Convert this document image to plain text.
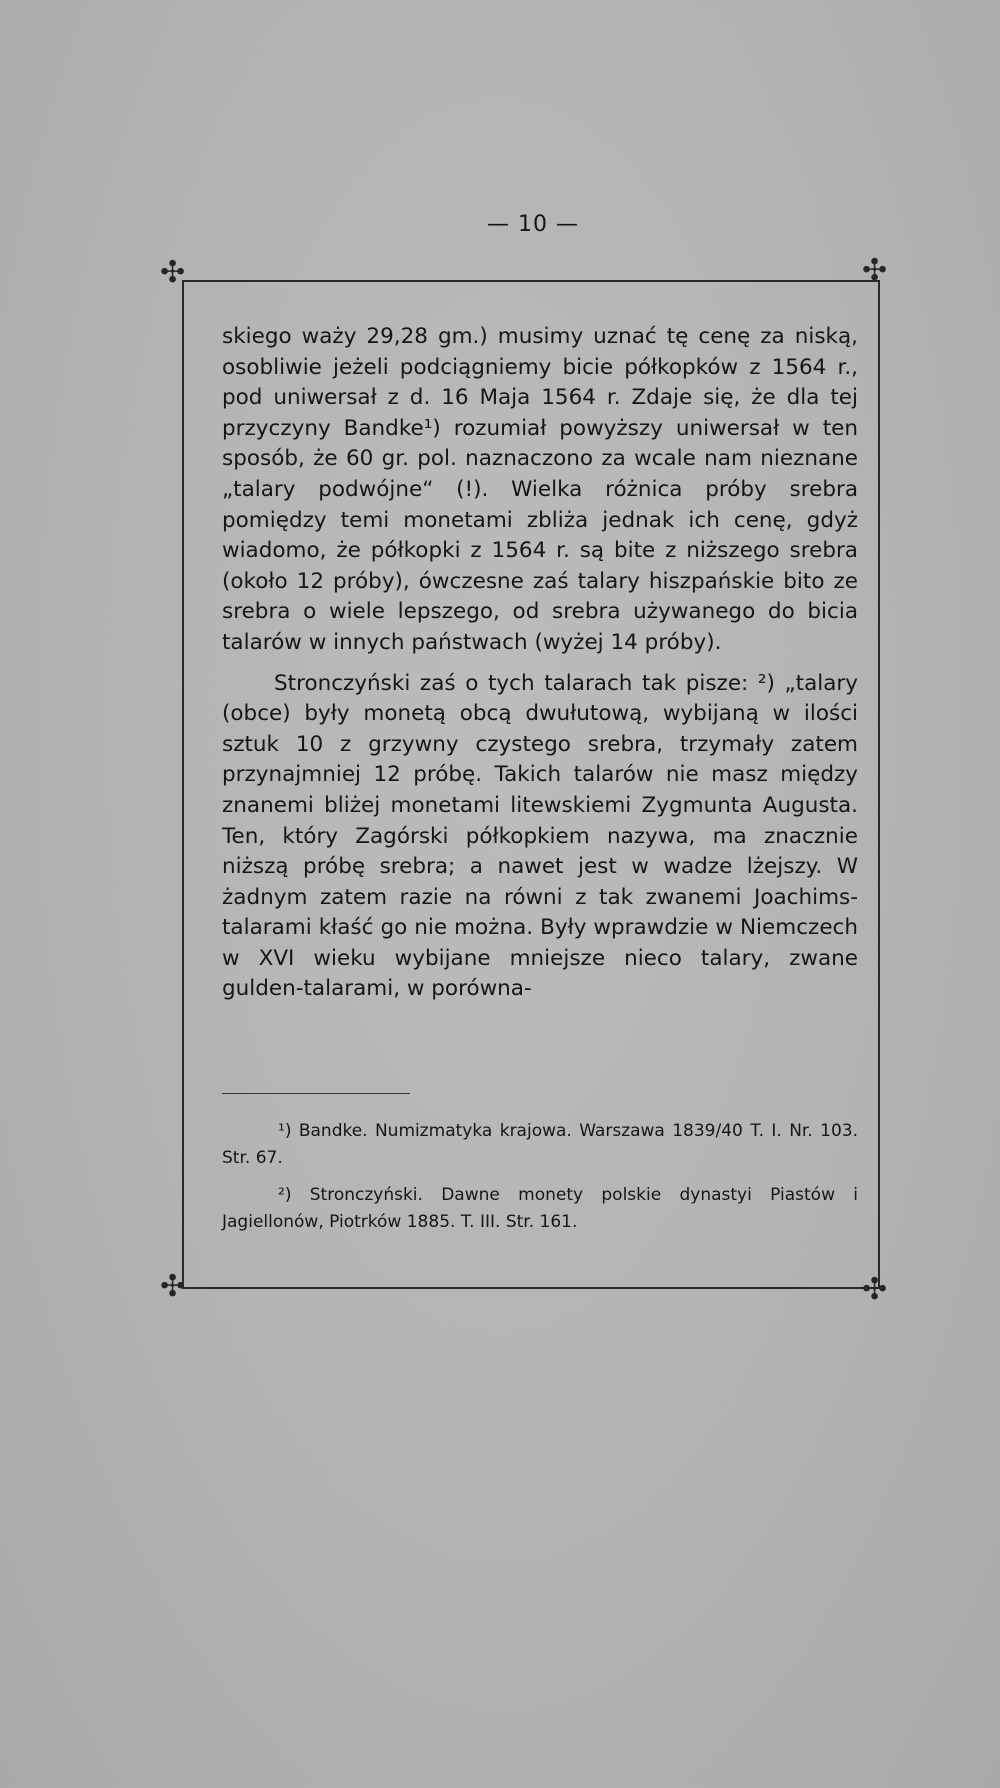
— 10 —
✣	✣
✣	✣

skiego waży 29,28 gm.) musimy uznać tę cenę za niską, osobliwie jeżeli podciągniemy bicie półkopków z 1564 r., pod uniwersał z d. 16 Maja 1564 r. Zdaje się, że dla tej przyczyny Bandke¹) rozumiał powyższy uniwersał w ten sposób, że 60 gr. pol. naznaczono za wcale nam nieznane „talary podwójne“ (!). Wielka różnica próby srebra pomiędzy temi monetami zbliża jednak ich cenę, gdyż wiadomo, że półkopki z 1564 r. są bite z niższego srebra (około 12 próby), ówczesne zaś talary hiszpańskie bito ze srebra o wiele lepszego, od srebra używanego do bicia talarów w innych państwach (wyżej 14 próby).

Stronczyński zaś o tych talarach tak pisze: ²) „talary (obce) były monetą obcą dwułutową, wybijaną w ilości sztuk 10 z grzywny czystego srebra, trzymały zatem przynajmniej 12 próbę. Takich talarów nie masz między znanemi bliżej monetami litewskiemi Zygmunta Augusta. Ten, który Zagórski półkopkiem nazywa, ma znacznie niższą próbę srebra; a nawet jest w wadze lżejszy. W żadnym zatem razie na równi z tak zwanemi Joachims-talarami kłaść go nie można. Były wprawdzie w Niemczech w XVI wieku wybijane mniejsze nieco talary, zwane gulden-talarami, w porówna-

¹) Bandke. Numizmatyka krajowa. Warszawa 1839/40 T. I. Nr. 103. Str. 67.

²) Stronczyński. Dawne monety polskie dynastyi Piastów i Jagiellonów, Piotrków 1885. T. III. Str. 161.
